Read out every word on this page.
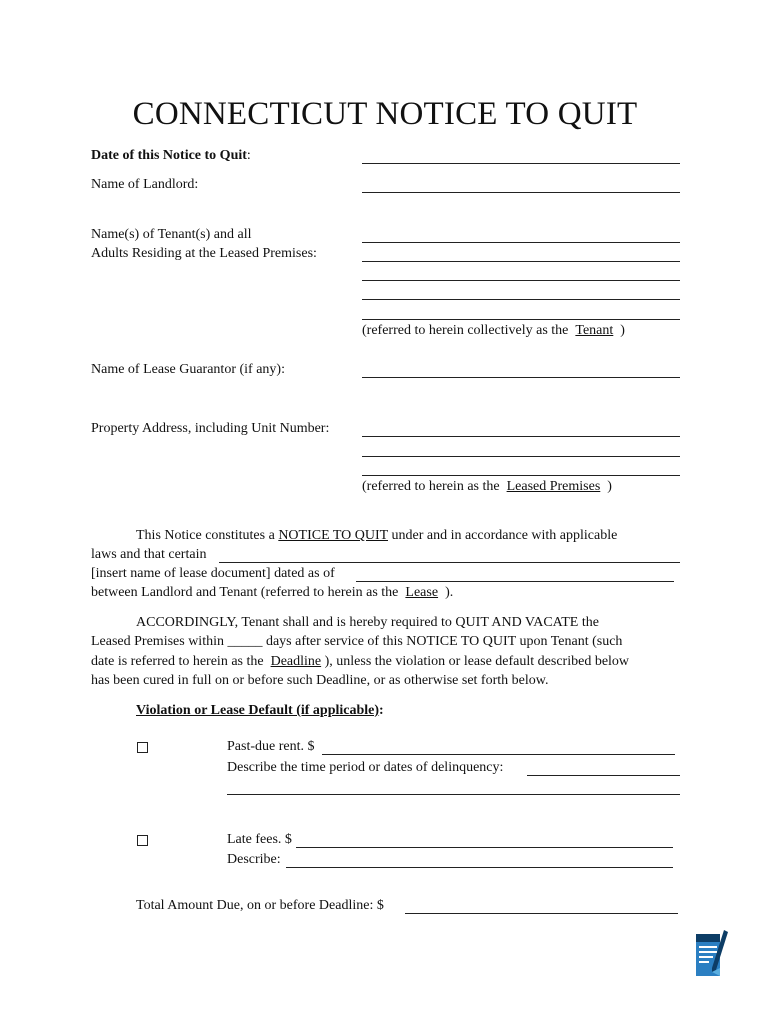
CONNECTICUT NOTICE TO QUIT
Date of this Notice to Quit:
Name of Landlord:
Name(s) of Tenant(s) and all
Adults Residing at the Leased Premises:
(referred to herein collectively as the Tenant )
Name of Lease Guarantor (if any):
Property Address, including Unit Number:
(referred to herein as the Leased Premises )
This Notice constitutes a NOTICE TO QUIT under and in accordance with applicable
laws and that certain
[insert name of lease document] dated as of
between Landlord and Tenant (referred to herein as the Lease ).
ACCORDINGLY, Tenant shall and is hereby required to QUIT AND VACATE the
Leased Premises within _____ days after service of this NOTICE TO QUIT upon Tenant (such
date is referred to herein as the Deadline ), unless the violation or lease default described below
has been cured in full on or before such Deadline, or as otherwise set forth below.
Violation or Lease Default (if applicable):
Past-due rent. $
Describe the time period or dates of delinquency:
Late fees. $
Describe:
Total Amount Due, on or before Deadline: $
